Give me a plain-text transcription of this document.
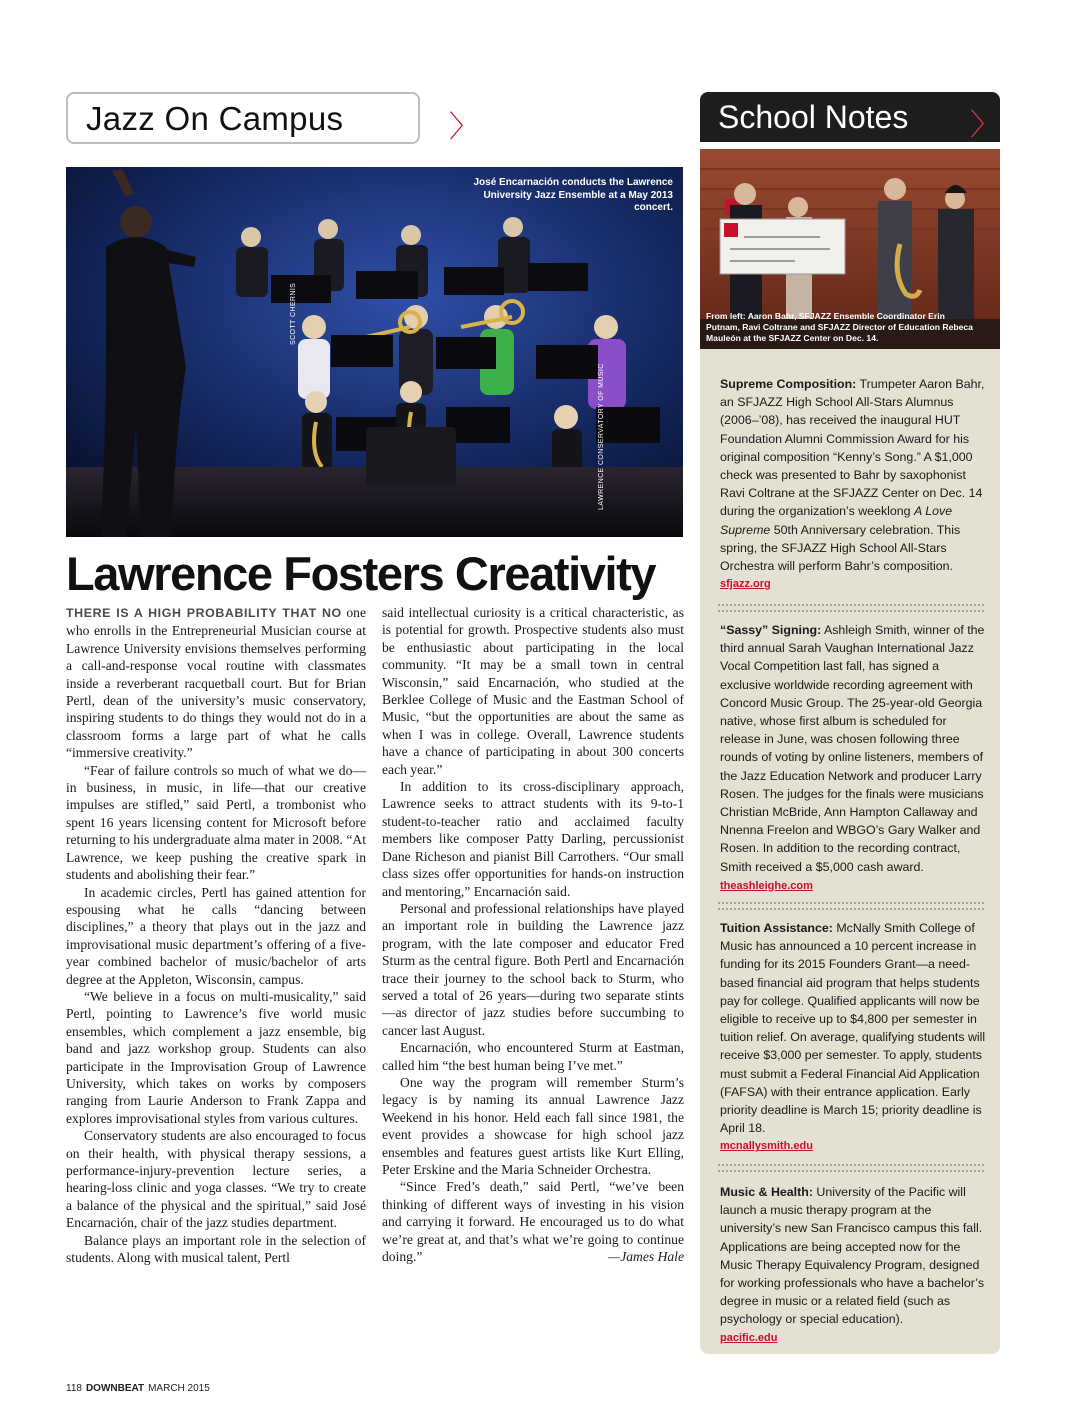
Jazz On Campus	〉
José Encarnación conducts the Lawrence University Jazz Ensemble at a May 2013 concert.
LAWRENCE CONSERVATORY OF MUSIC
Lawrence Fosters Creativity

THERE IS A HIGH PROBABILITY THAT NO one who enrolls in the Entrepreneurial Musician course at Lawrence University envisions themselves performing a call-and-response vocal routine with classmates inside a reverberant racquetball court. But for Brian Pertl, dean of the university’s music conservatory, inspiring students to do things they would not do in a classroom forms a large part of what he calls “immersive creativity.”

“Fear of failure controls so much of what we do—in business, in music, in life—that our creative impulses are stifled,” said Pertl, a trombonist who spent 16 years licensing content for Microsoft before returning to his undergraduate alma mater in 2008. “At Lawrence, we keep pushing the creative spark in students and abolishing their fear.”

In academic circles, Pertl has gained attention for espousing what he calls “dancing between disciplines,” a theory that plays out in the jazz and improvisational music department’s offering of a five-year combined bachelor of music/bachelor of arts degree at the Appleton, Wisconsin, campus.

“We believe in a focus on multi-musicality,” said Pertl, pointing to Lawrence’s five world music ensembles, which complement a jazz ensemble, big band and jazz workshop group. Students can also participate in the Improvisation Group of Lawrence University, which takes on works by composers ranging from Laurie Anderson to Frank Zappa and explores improvisational styles from various cultures.

Conservatory students are also encouraged to focus on their health, with physical therapy sessions, a performance-injury-prevention lecture series, a hearing-loss clinic and yoga classes. “We try to create a balance of the physical and the spiritual,” said José Encarnación, chair of the jazz studies department.

Balance plays an important role in the selection of students. Along with musical talent, Pertl

said intellectual curiosity is a critical characteristic, as is potential for growth. Prospective students also must be enthusiastic about participating in the local community. “It may be a small town in central Wisconsin,” said Encarnación, who studied at the Berklee College of Music and the Eastman School of Music, “but the opportunities are about the same as when I was in college. Overall, Lawrence students have a chance of participating in about 300 concerts each year.”

In addition to its cross-disciplinary approach, Lawrence seeks to attract students with its 9-to-1 student-to-teacher ratio and acclaimed faculty members like composer Patty Darling, percussionist Dane Richeson and pianist Bill Carrothers. “Our small class sizes offer opportunities for hands-on instruction and mentoring,” Encarnación said.

Personal and professional relationships have played an important role in building the Lawrence jazz program, with the late composer and educator Fred Sturm as the central figure. Both Pertl and Encarnación trace their journey to the school back to Sturm, who served a total of 26 years—during two separate stints—as director of jazz studies before succumbing to cancer last August.

Encarnación, who encountered Sturm at Eastman, called him “the best human being I’ve met.”

One way the program will remember Sturm’s legacy is by naming its annual Lawrence Jazz Weekend in his honor. Held each fall since 1981, the event provides a showcase for high school jazz ensembles and features guest artists like Kurt Elling, Peter Erskine and the Maria Schneider Orchestra.

“Since Fred’s death,” said Pertl, “we’ve been thinking of different ways of investing in his vision and carrying it forward. He encouraged us to do what we’re great at, and that’s what we’re going to continue doing.”	—James Hale

School Notes 〉
From left: Aaron Bahr, SFJAZZ Ensemble Coordinator Erin Putnam, Ravi Coltrane and SFJAZZ Director of Education Rebeca Mauleón at the SFJAZZ Center on Dec. 14.
SCOTT CHERNIS
Supreme Composition: Trumpeter Aaron Bahr, an SFJAZZ High School All-Stars Alumnus (2006–’08), has received the inaugural HUT Foundation Alumni Commission Award for his original composition “Kenny’s Song.” A $1,000 check was presented to Bahr by saxophonist Ravi Coltrane at the SFJAZZ Center on Dec. 14 during the organization’s weeklong A Love Supreme 50th Anniversary celebration. This spring, the SFJAZZ High School All-Stars Orchestra will perform Bahr’s composition.
sfjazz.org
“Sassy” Signing: Ashleigh Smith, winner of the third annual Sarah Vaughan International Jazz Vocal Competition last fall, has signed a exclusive worldwide recording agreement with Concord Music Group. The 25-year-old Georgia native, whose first album is scheduled for release in June, was chosen following three rounds of voting by online listeners, members of the Jazz Education Network and producer Larry Rosen. The judges for the finals were musicians Christian McBride, Ann Hampton Callaway and Nnenna Freelon and WBGO’s Gary Walker and Rosen. In addition to the recording contract, Smith received a $5,000 cash award. theashleighe.com
Tuition Assistance: McNally Smith College of Music has announced a 10 percent increase in funding for its 2015 Founders Grant—a need-based financial aid program that helps students pay for college. Qualified applicants will now be eligible to receive up to $4,800 per semester in tuition relief. On average, qualifying students will receive $3,000 per semester. To apply, students must submit a Federal Financial Aid Application (FAFSA) with their entrance application. Early priority deadline is March 15; priority deadline is April 18.
mcnallysmith.edu
Music & Health: University of the Pacific will launch a music therapy program at the university’s new San Francisco campus this fall. Applications are being accepted now for the Music Therapy Equivalency Program, designed for working professionals who have a bachelor’s degree in music or a related field (such as psychology or special education).
pacific.edu
118 DOWNBEAT MARCH 2015
